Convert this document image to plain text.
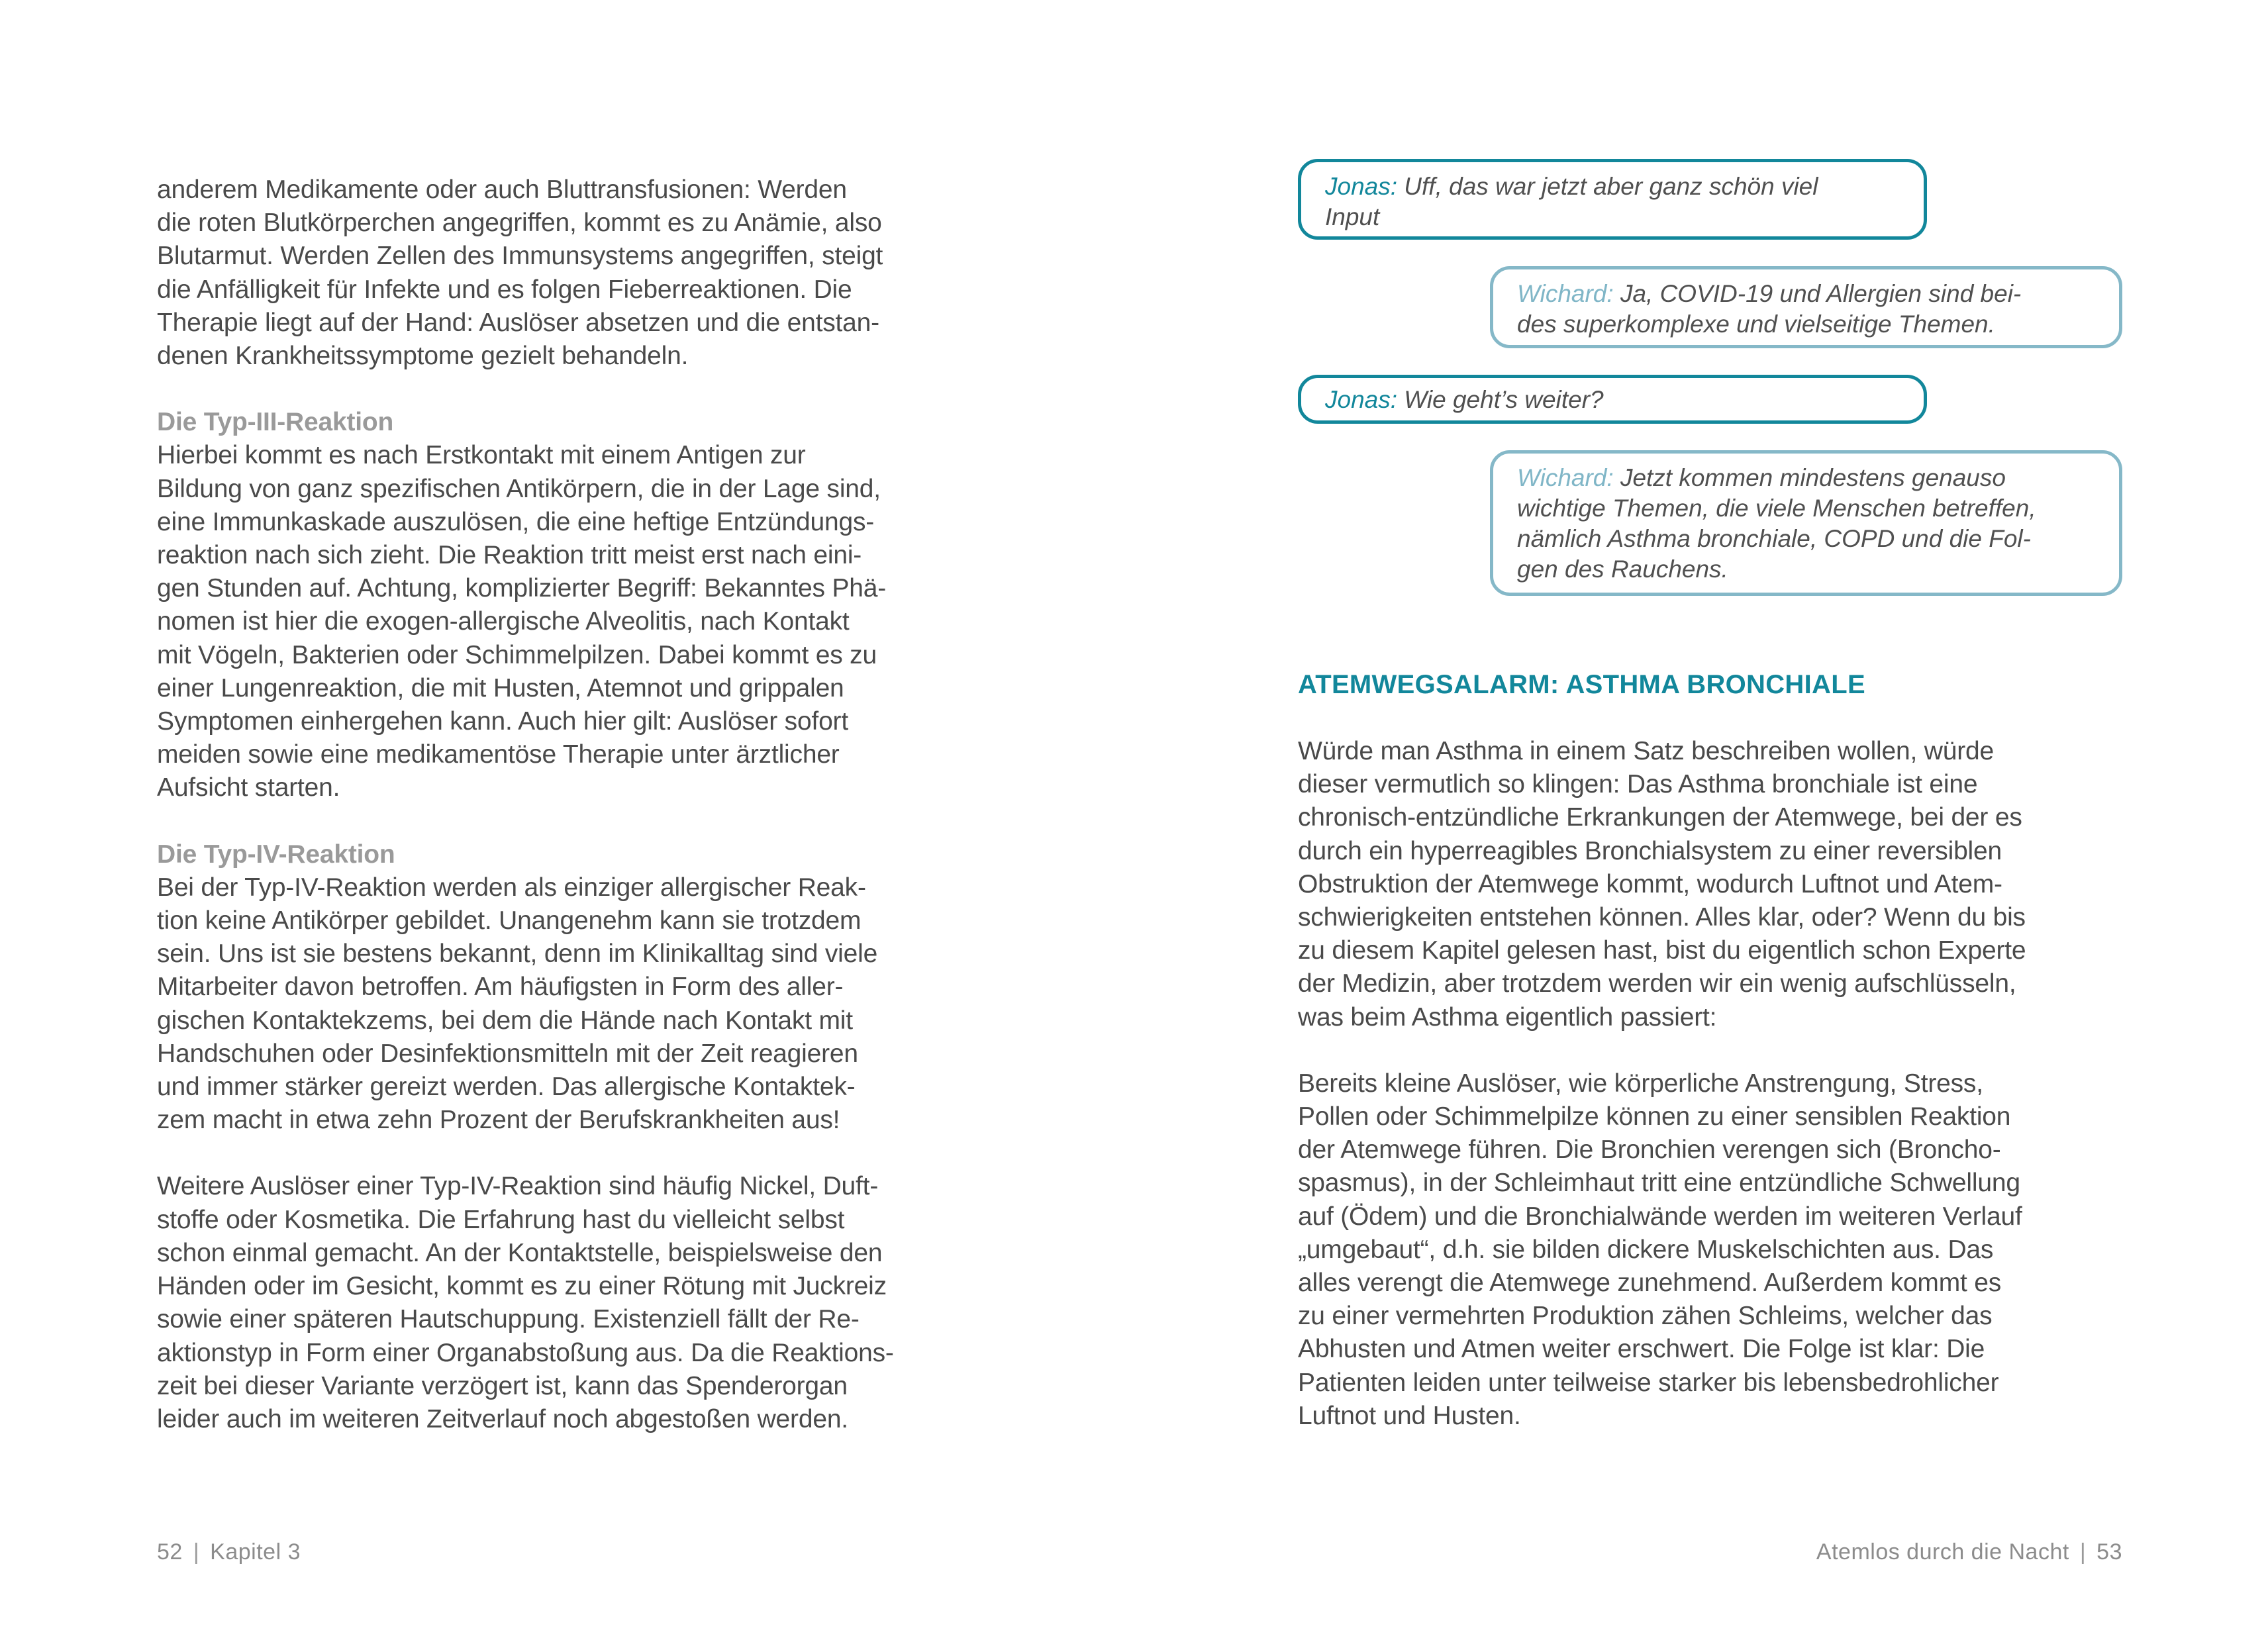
anderem Medikamente oder auch Bluttransfusionen: Werden
die roten Blutkörperchen angegriffen, kommt es zu Anämie, also
Blutarmut. Werden Zellen des Immunsystems angegriffen, steigt
die Anfälligkeit für Infekte und es folgen Fieberreaktionen. Die
Therapie liegt auf der Hand: Auslöser absetzen und die entstan-
denen Krankheitssymptome gezielt behandeln.

Die Typ-III-Reaktion

Hierbei kommt es nach Erstkontakt mit einem Antigen zur
Bildung von ganz spezifischen Antikörpern, die in der Lage sind,
eine Immunkaskade auszulösen, die eine heftige Entzündungs-
reaktion nach sich zieht. Die Reaktion tritt meist erst nach eini-
gen Stunden auf. Achtung, komplizierter Begriff: Bekanntes Phä-
nomen ist hier die exogen-allergische Alveolitis, nach Kontakt
mit Vögeln, Bakterien oder Schimmelpilzen. Dabei kommt es zu
einer Lungenreaktion, die mit Husten, Atemnot und grippalen
Symptomen einhergehen kann. Auch hier gilt: Auslöser sofort
meiden sowie eine medikamentöse Therapie unter ärztlicher
Aufsicht starten.

Die Typ-IV-Reaktion

Bei der Typ-IV-Reaktion werden als einziger allergischer Reak-
tion keine Antikörper gebildet. Unangenehm kann sie trotzdem
sein. Uns ist sie bestens bekannt, denn im Klinikalltag sind viele
Mitarbeiter davon betroffen. Am häufigsten in Form des aller-
gischen Kontaktekzems, bei dem die Hände nach Kontakt mit
Handschuhen oder Desinfektionsmitteln mit der Zeit reagieren
und immer stärker gereizt werden. Das allergische Kontaktek-
zem macht in etwa zehn Prozent der Berufskrankheiten aus!

Weitere Auslöser einer Typ-IV-Reaktion sind häufig Nickel, Duft-
stoffe oder Kosmetika. Die Erfahrung hast du vielleicht selbst
schon einmal gemacht. An der Kontaktstelle, beispielsweise den
Händen oder im Gesicht, kommt es zu einer Rötung mit Juckreiz
sowie einer späteren Hautschuppung. Existenziell fällt der Re-
aktionstyp in Form einer Organabstoßung aus. Da die Reaktions-
zeit bei dieser Variante verzögert ist, kann das Spenderorgan
leider auch im weiteren Zeitverlauf noch abgestoßen werden.

Jonas: Uff, das war jetzt aber ganz schön viel
Input
Wichard: Ja, COVID-19 und Allergien sind bei-
des superkomplexe und vielseitige Themen.
Jonas: Wie geht’s weiter?
Wichard: Jetzt kommen mindestens genauso
wichtige Themen, die viele Menschen betreffen,
nämlich Asthma bronchiale, COPD und die Fol-
gen des Rauchens.
ATEMWEGSALARM: ASTHMA BRONCHIALE

Würde man Asthma in einem Satz beschreiben wollen, würde
dieser vermutlich so klingen: Das Asthma bronchiale ist eine
chronisch-entzündliche Erkrankungen der Atemwege, bei der es
durch ein hyperreagibles Bronchialsystem zu einer reversiblen
Obstruktion der Atemwege kommt, wodurch Luftnot und Atem-
schwierigkeiten entstehen können. Alles klar, oder? Wenn du bis
zu diesem Kapitel gelesen hast, bist du eigentlich schon Experte
der Medizin, aber trotzdem werden wir ein wenig aufschlüsseln,
was beim Asthma eigentlich passiert:

Bereits kleine Auslöser, wie körperliche Anstrengung, Stress,
Pollen oder Schimmelpilze können zu einer sensiblen Reaktion
der Atemwege führen. Die Bronchien verengen sich (Broncho-
spasmus), in der Schleimhaut tritt eine entzündliche Schwellung
auf (Ödem) und die Bronchialwände werden im weiteren Verlauf
„umgebaut“, d.h. sie bilden dickere Muskelschichten aus. Das
alles verengt die Atemwege zunehmend. Außerdem kommt es
zu einer vermehrten Produktion zähen Schleims, welcher das
Abhusten und Atmen weiter erschwert. Die Folge ist klar: Die
Patienten leiden unter teilweise starker bis lebensbedrohlicher
Luftnot und Husten.

52 | Kapitel 3	Atemlos durch die Nacht | 53
